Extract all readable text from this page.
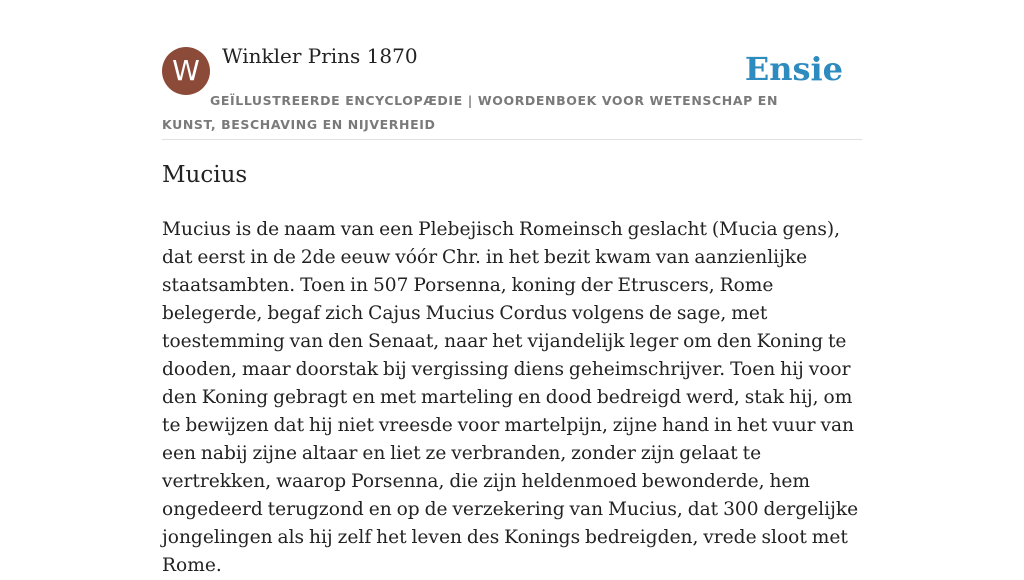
W	Winkler Prins 1870	Ensie
GEÏLLUSTREERDE ENCYCLOPÆDIE | WOORDENBOEK VOOR WETENSCHAP EN KUNST, BESCHAVING EN NIJVERHEID
Mucius

Mucius is de naam van een Plebejisch Romeinsch geslacht (Mucia gens), dat eerst in de 2de eeuw vóór Chr. in het bezit kwam van aanzienlijke staatsambten. Toen in 507 Porsenna, koning der Etruscers, Rome belegerde, begaf zich Cajus Mucius Cordus volgens de sage, met toestemming van den Senaat, naar het vijandelijk leger om den Koning te dooden, maar doorstak bij vergissing diens geheimschrijver. Toen hij voor den Koning gebragt en met marteling en dood bedreigd werd, stak hij, om te bewijzen dat hij niet vreesde voor martelpijn, zijne hand in het vuur van een nabij zijne altaar en liet ze verbranden, zonder zijn gelaat te vertrekken, waarop Porsenna, die zijn heldenmoed bewonderde, hem ongedeerd terugzond en op de verzekering van Mucius, dat 300 dergelijke jongelingen als hij zelf het leven des Konings bedreigden, vrede sloot met Rome.
